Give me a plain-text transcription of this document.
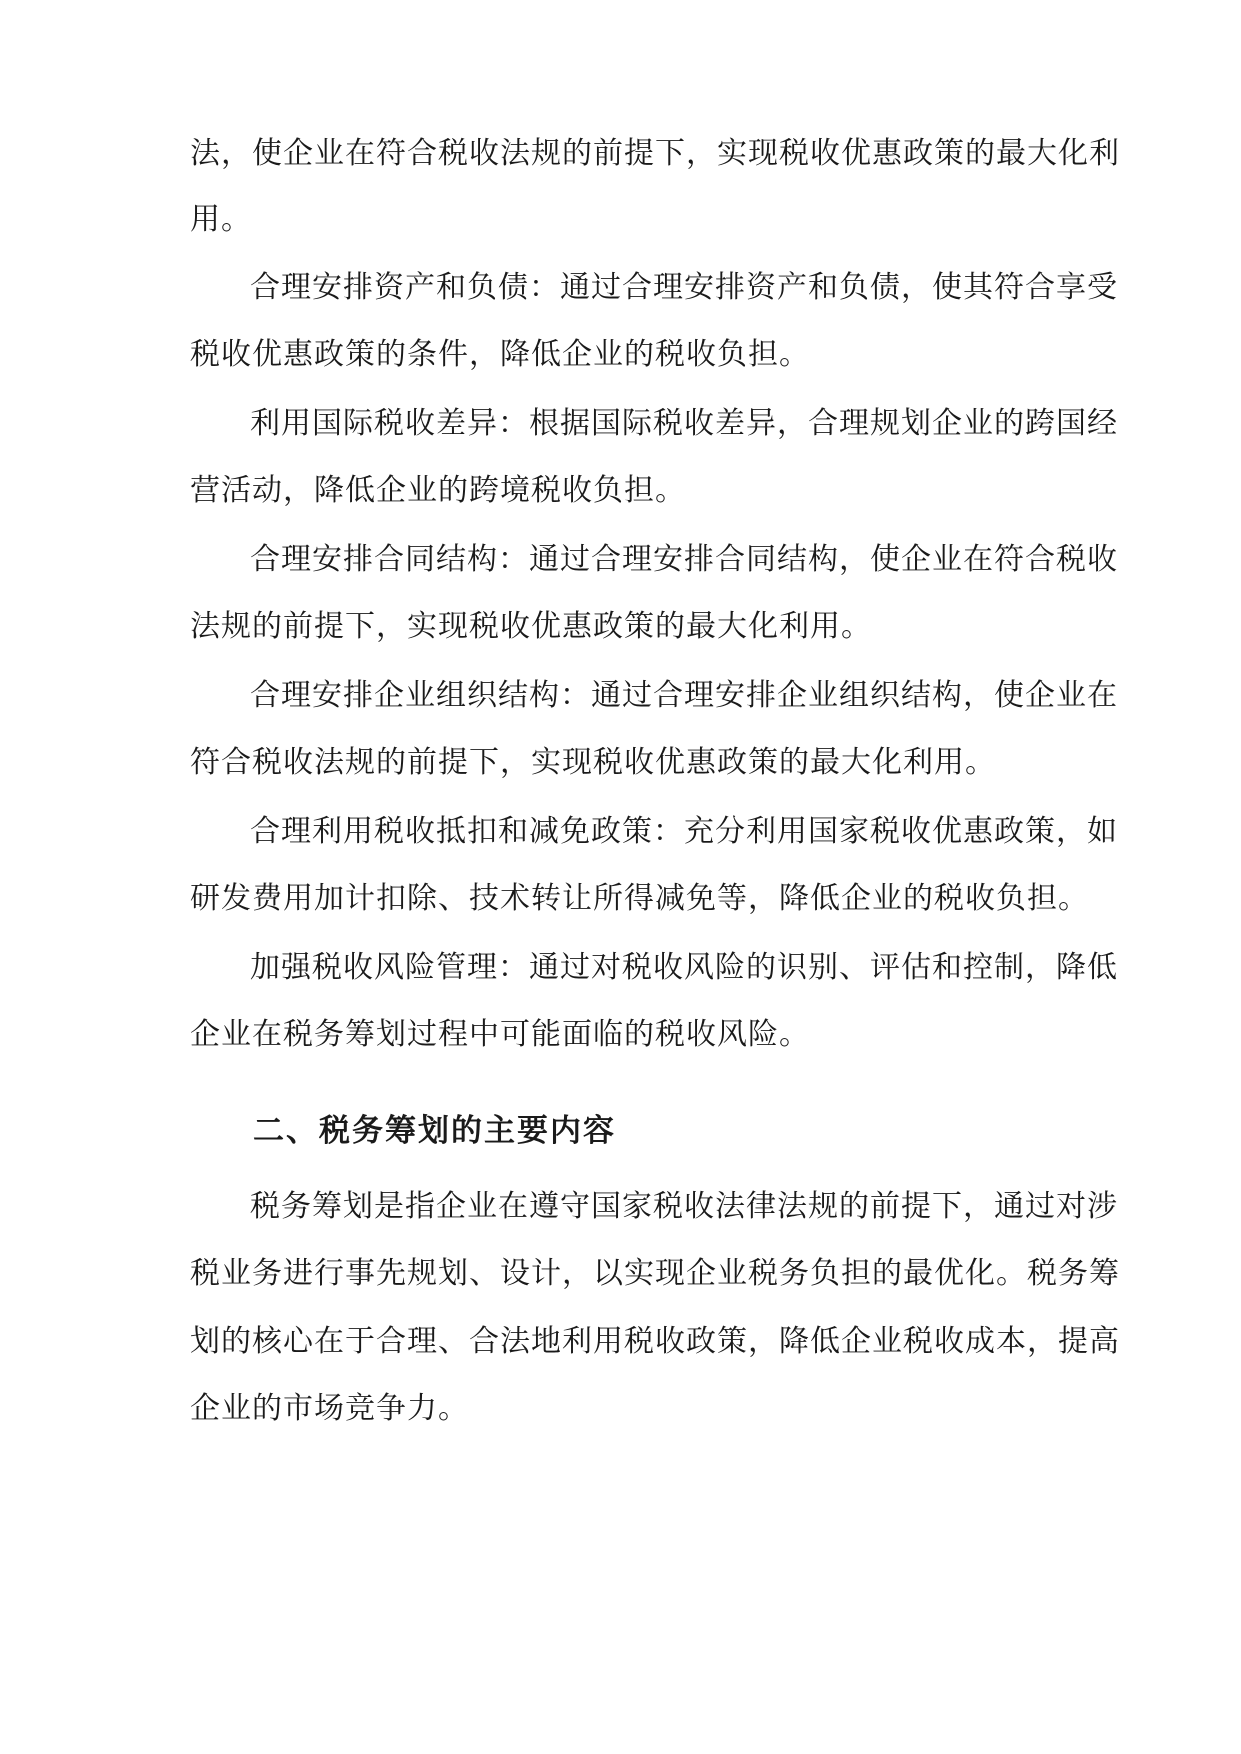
法，使企业在符合税收法规的前提下，实现税收优惠政策的最大化利
用。
合理安排资产和负债：通过合理安排资产和负债，使其符合享受
税收优惠政策的条件，降低企业的税收负担。
利用国际税收差异：根据国际税收差异，合理规划企业的跨国经
营活动，降低企业的跨境税收负担。
合理安排合同结构：通过合理安排合同结构，使企业在符合税收
法规的前提下，实现税收优惠政策的最大化利用。
合理安排企业组织结构：通过合理安排企业组织结构，使企业在
符合税收法规的前提下，实现税收优惠政策的最大化利用。
合理利用税收抵扣和减免政策：充分利用国家税收优惠政策，如
研发费用加计扣除、技术转让所得减免等，降低企业的税收负担。
加强税收风险管理：通过对税收风险的识别、评估和控制，降低
企业在税务筹划过程中可能面临的税收风险。
二、税务筹划的主要内容
税务筹划是指企业在遵守国家税收法律法规的前提下，通过对涉
税业务进行事先规划、设计，以实现企业税务负担的最优化。税务筹
划的核心在于合理、合法地利用税收政策，降低企业税收成本，提高
企业的市场竞争力。
